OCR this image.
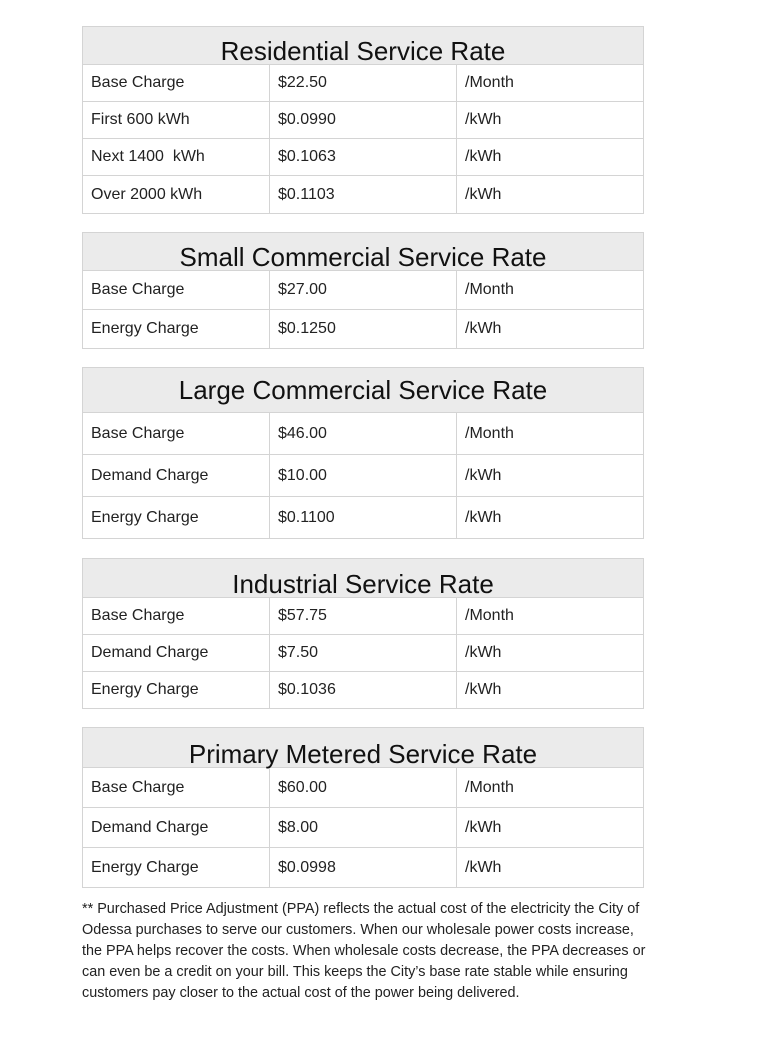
Residential Service Rate
Base Charge	$22.50	/Month
First 600 kWh	$0.0990	/kWh
Next 1400  kWh	$0.1063	/kWh
Over 2000 kWh	$0.1103	/kWh
Small Commercial Service Rate
Base Charge	$27.00	/Month
Energy Charge	$0.1250	/kWh
Large Commercial Service Rate
Base Charge	$46.00	/Month
Demand Charge	$10.00	/kWh
Energy Charge	$0.1100	/kWh
Industrial Service Rate
Base Charge	$57.75	/Month
Demand Charge	$7.50	/kWh
Energy Charge	$0.1036	/kWh
Primary Metered Service Rate
Base Charge	$60.00	/Month
Demand Charge	$8.00	/kWh
Energy Charge	$0.0998	/kWh

** Purchased Price Adjustment (PPA) reflects the actual cost of the electricity the City of Odessa purchases to serve our customers. When our wholesale power costs increase, the PPA helps recover the costs. When wholesale costs decrease, the PPA decreases or can even be a credit on your bill. This keeps the City’s base rate stable while ensuring customers pay closer to the actual cost of the power being delivered.
